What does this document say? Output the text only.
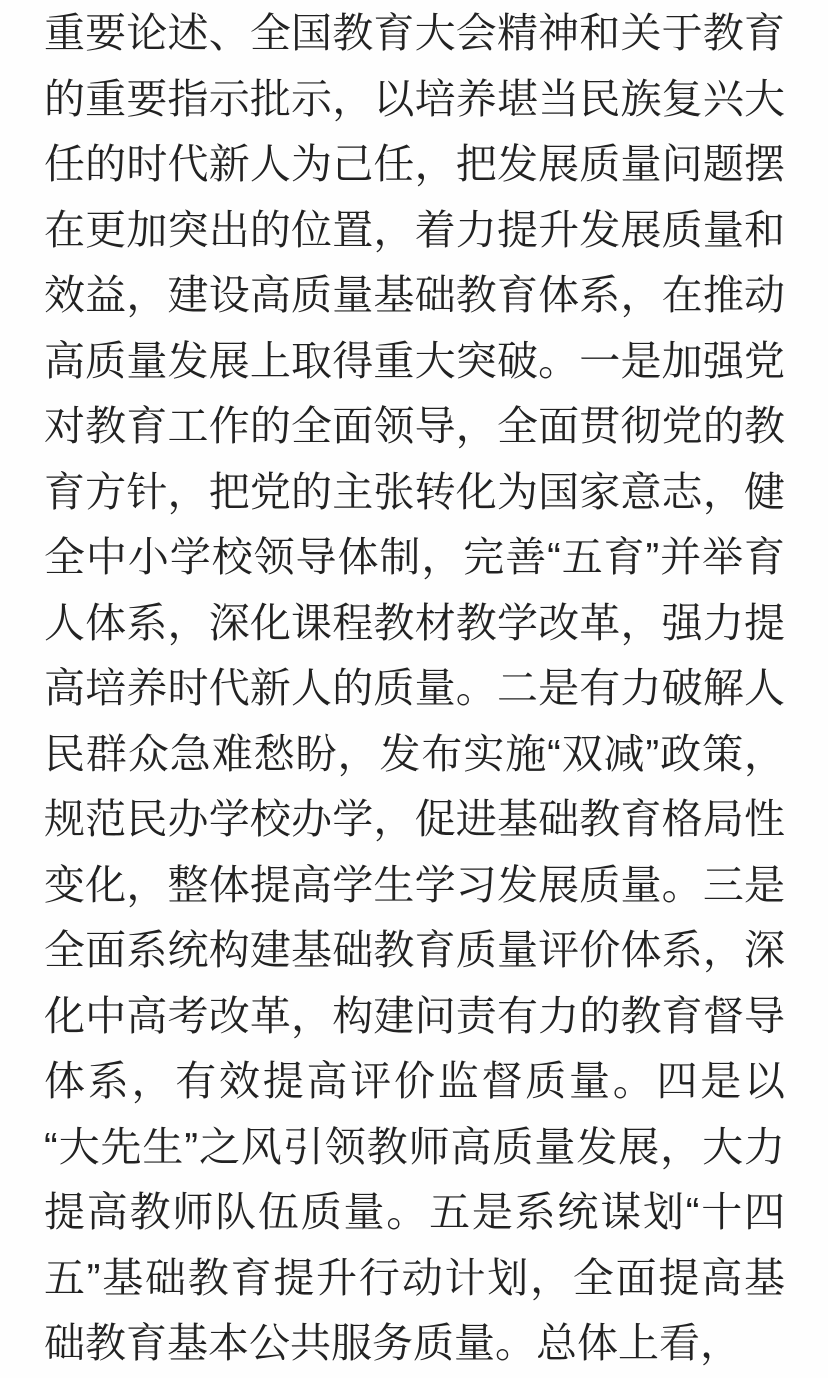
重要论述、全国教育大会精神和关于教育
的重要指示批示，以培养堪当民族复兴大
任的时代新人为己任，把发展质量问题摆
在更加突出的位置，着力提升发展质量和
效益，建设高质量基础教育体系，在推动
高质量发展上取得重大突破。一是加强党
对教育工作的全面领导，全面贯彻党的教
育方针，把党的主张转化为国家意志，健
全中小学校领导体制，完善“五育”并举育
人体系，深化课程教材教学改革，强力提
高培养时代新人的质量。二是有力破解人
民群众急难愁盼，发布实施“双减”政策，
规范民办学校办学，促进基础教育格局性
变化，整体提高学生学习发展质量。三是
全面系统构建基础教育质量评价体系，深
化中高考改革，构建问责有力的教育督导
体系，有效提高评价监督质量。四是以
“大先生”之风引领教师高质量发展，大力
提高教师队伍质量。五是系统谋划“十四
五”基础教育提升行动计划，全面提高基
础教育基本公共服务质量。总体上看，
